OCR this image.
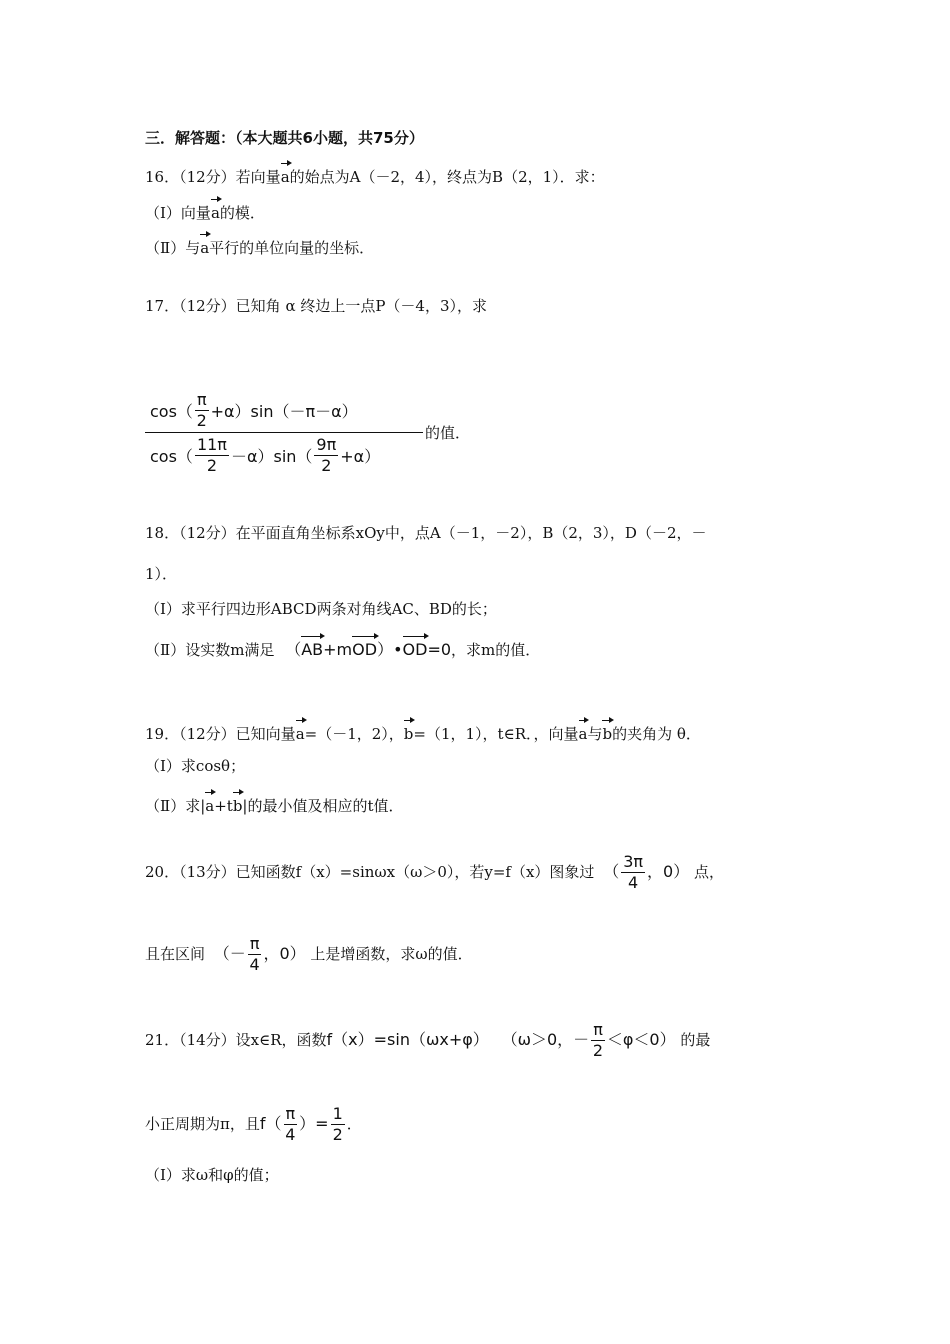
三．解答题：（本大题共6小题，共75分）
16．（12分）若向量a的始点为A（－2，4），终点为B（2，1）．求：
（Ⅰ）向量a的模．
（Ⅱ）与a平行的单位向量的坐标．
17．（12分）已知角 α 终边上一点P（－4，3），求
$\cos( \frac{\pi}{2} +\alpha)\sin(-\pi-\alpha)$
$\cos( \frac{11\pi}{2} -\alpha)\sin( \frac{9\pi}{2} +\alpha)$
的值．
18．（12分）在平面直角坐标系xOy中，点A（－1，－2），B（2，3），D（－2，－
1）．
（Ⅰ）求平行四边形ABCD两条对角线AC、BD的长；
（Ⅱ）设实数m满足 （AB+mOD）•OD=0，求m的值．
19．（12分）已知向量a=（－1，2），b=（1，1），t∈R．，向量a与b的夹角为 θ．
（Ⅰ）求cosθ；
（Ⅱ）求|a+tb|的最小值及相应的t值．
20．（13分）已知函数f（x）=sinωx（ω＞0），若y=f（x）图象过 （ $\frac{3\pi}{4}$ ，0） 点，
且在区间 （－ $\frac{\pi}{4}$ ，0） 上是增函数，求ω的值．
21．（14分）设x∈R，函数f（x）=sin（ωx+φ） （ω＞0，－ $\frac{\pi}{2} <\varphi<0$） 的最
小正周期为π，且$f( \frac{\pi}{4}$ ）= $\frac{1}{2}$ ．
（Ⅰ）求ω和φ的值；
